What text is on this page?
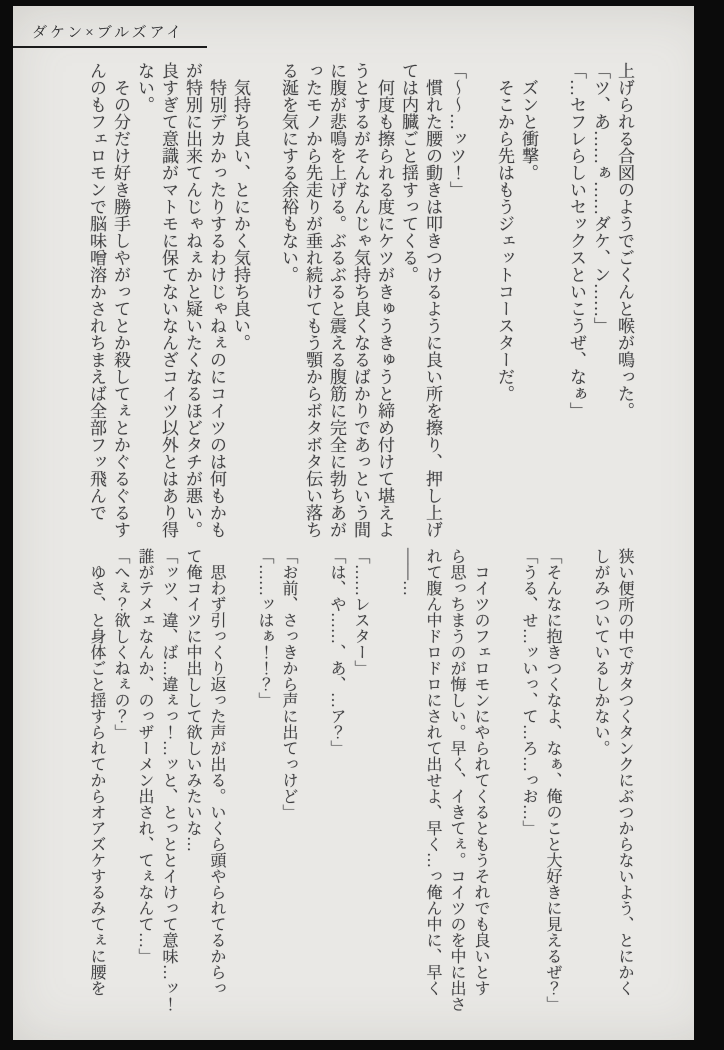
ダケン×ブルズアイ

上げられる合図のようでごくんと喉が鳴った。

「ツ、あ……ぁ……ダケ、ン……」

「…セフレらしいセックスといこうぜ、なぁ」

　ズンと衝撃。

　そこから先はもうジェットコースターだ。

「〜〜…ッツ！」

　慣れた腰の動きは叩きつけるように良い所を擦り、押し上げ

ては内臓ごと揺すってくる。

　何度も擦られる度にケツがきゅうきゅうと締め付けて堪えよ

うとするがそんなんじゃ気持ち良くなるばかりであっという間

に腹が悲鳴を上げる。ぶるぶると震える腹筋に完全に勃ちあが

ったモノから先走りが垂れ続けてもう顎からボタボタ伝い落ち

る涎を気にする余裕もない。

　気持ち良い、とにかく気持ち良い。

　特別デカかったりするわけじゃねぇのにコイツのは何もかも

が特別に出来てんじゃねぇかと疑いたくなるほどタチが悪い。

良すぎて意識がマトモに保てないなんざコイツ以外とはあり得

ない。

　その分だけ好き勝手しやがってとか殺してぇとかぐるぐるす

んのもフェロモンで脳味噌溶かされちまえば全部フッ飛んで

狭い便所の中でガタつくタンクにぶつからないよう、とにかく

しがみついているしかない。

「そんなに抱きつくなよ、なぁ、俺のこと大好きに見えるぜ？」

「うる、せ…ッいっ、て…ろ…っお…」

　コイツのフェロモンにやられてくるともうそれでも良いとす

ら思っちまうのが悔しい。早く、イきてぇ。コイツのを中に出さ

れて腹ん中ドロドロにされて出せよ、早く…っ俺ん中に、早く

――…

「……レスター」

「は、や……、あ、…ア？」

「お前、さっきから声に出てっけど」

「……ッはぁ！！？」

　思わず引っくり返った声が出る。いくら頭やられてるからっ

て俺コイツに中出しして欲しいみたいな…

「ッツ、違、ば…違ぇっ！…ッと、とっととイけって意味…ッ！

誰がテメェなんか、のっザーメン出され、てぇなんて…」

「へぇ？欲しくねぇの？」

　ゆさ、と身体ごと揺すられてからオアズケするみてぇに腰を
